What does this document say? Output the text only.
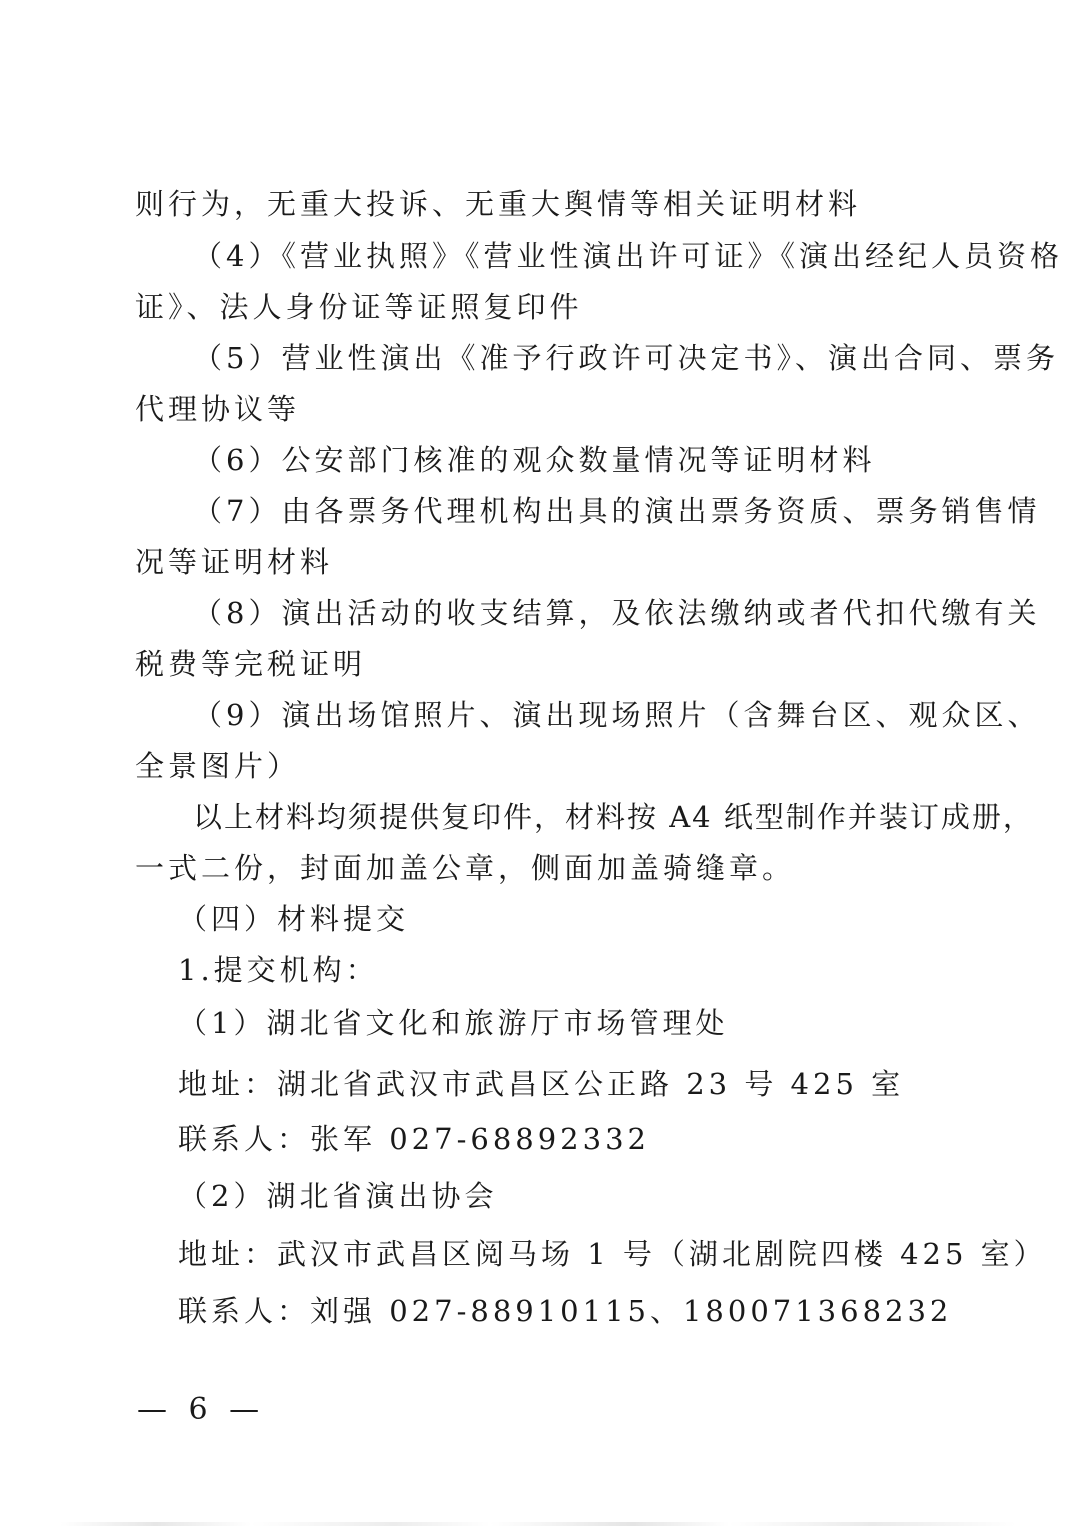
则行为，无重大投诉、无重大舆情等相关证明材料
（4）《营业执照》《营业性演出许可证》《演出经纪人员资格
证》、法人身份证等证照复印件
（5）营业性演出《准予行政许可决定书》、演出合同、票务
代理协议等
（6）公安部门核准的观众数量情况等证明材料
（7）由各票务代理机构出具的演出票务资质、票务销售情
况等证明材料
（8）演出活动的收支结算，及依法缴纳或者代扣代缴有关
税费等完税证明
（9）演出场馆照片、演出现场照片（含舞台区、观众区、
全景图片）
以上材料均须提供复印件，材料按 A4 纸型制作并装订成册，
一式二份，封面加盖公章，侧面加盖骑缝章。
（四）材料提交
1.提交机构：
（1）湖北省文化和旅游厅市场管理处
地址：湖北省武汉市武昌区公正路 23 号 425 室
联系人：张军 027-68892332
（2）湖北省演出协会
地址：武汉市武昌区阅马场 1 号（湖北剧院四楼 425 室）
联系人：刘强 027-88910115、18007136823​2
— 6 —
